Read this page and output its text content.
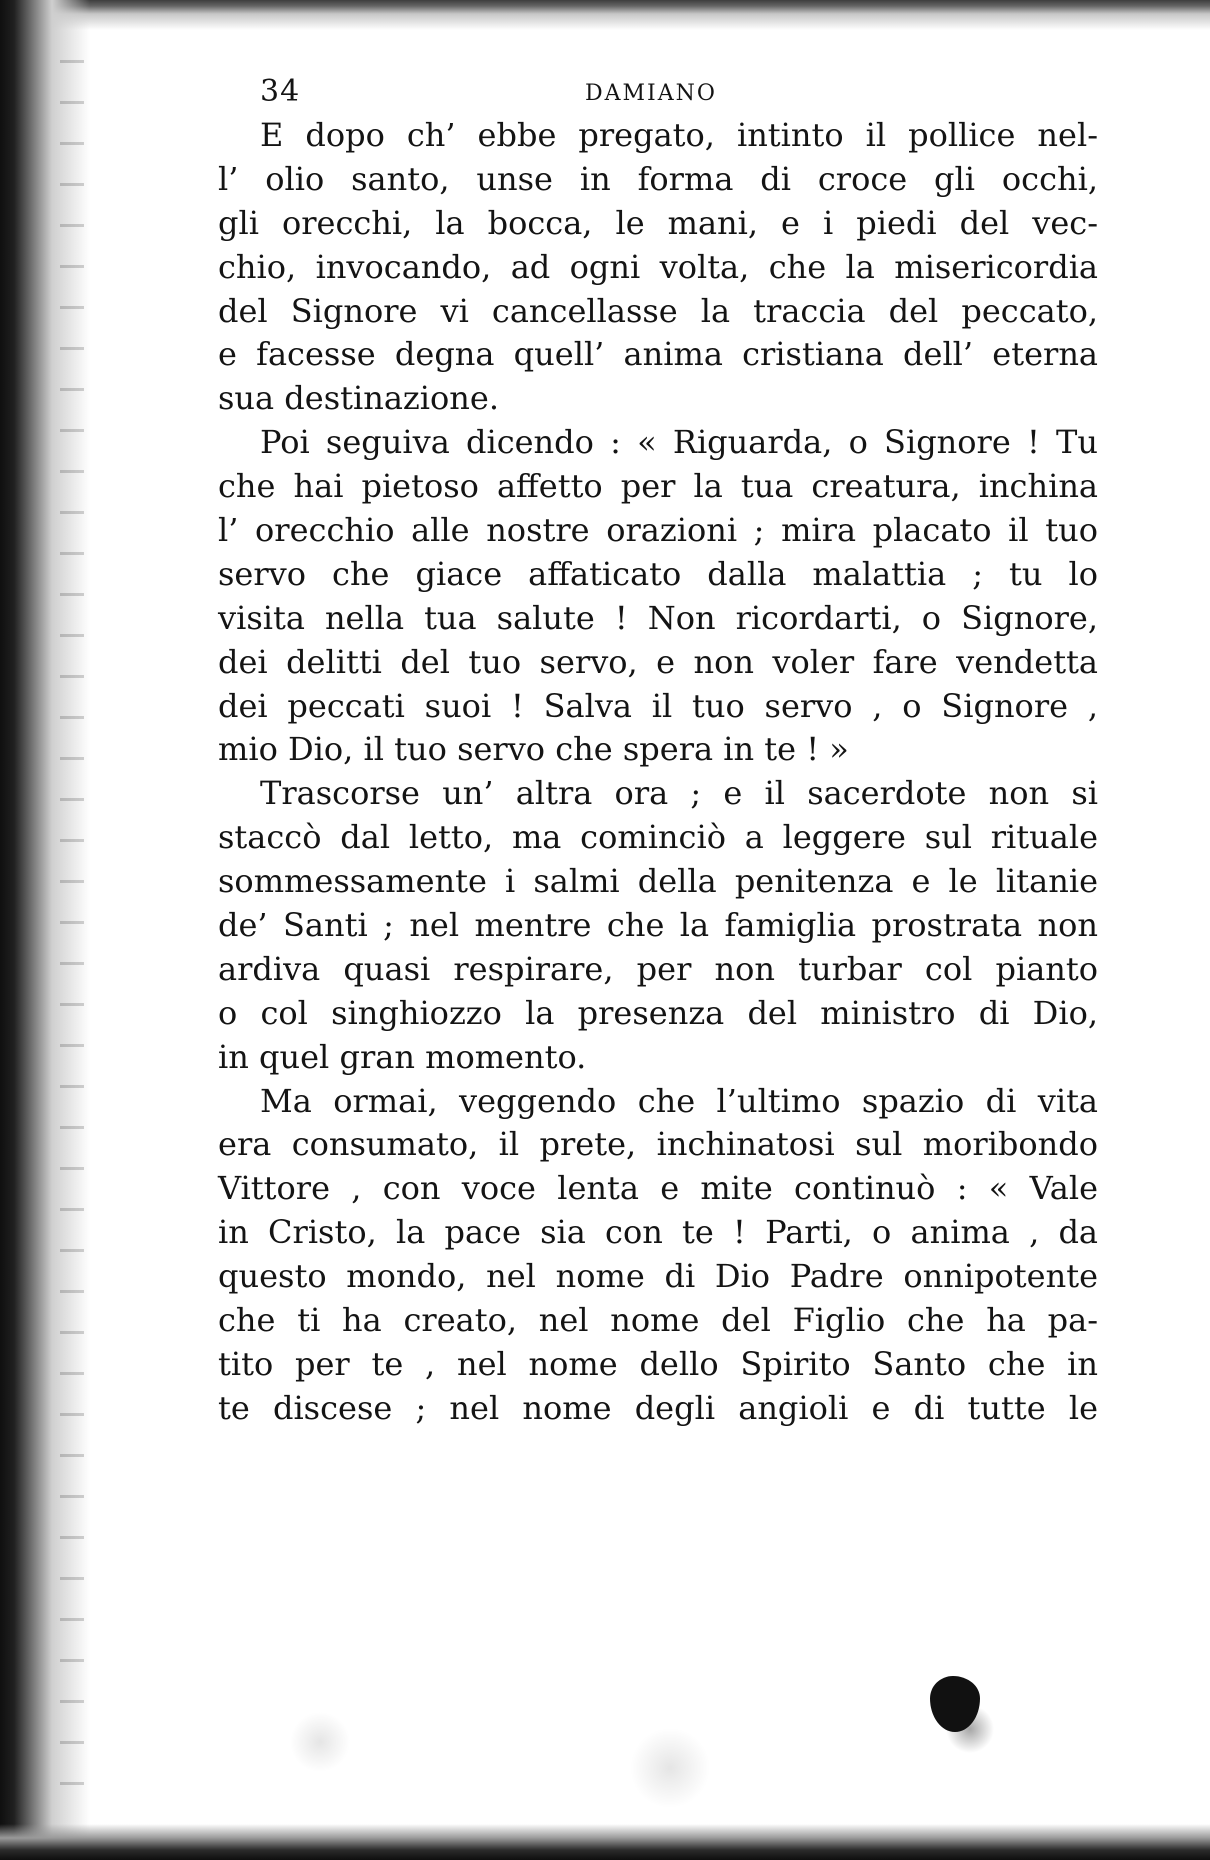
34	DAMIANO
E dopo ch’ ebbe pregato, intinto il pollice nel-
l’ olio santo, unse in forma di croce gli occhi,
gli orecchi, la bocca, le mani, e i piedi del vec-
chio, invocando, ad ogni volta, che la misericordia
del Signore vi cancellasse la traccia del peccato,
e facesse degna quell’ anima cristiana dell’ eterna
sua destinazione.
Poi seguiva dicendo : « Riguarda, o Signore ! Tu
che hai pietoso affetto per la tua creatura, inchina
l’ orecchio alle nostre orazioni ; mira placato il tuo
servo che giace affaticato dalla malattia ; tu lo
visita nella tua salute ! Non ricordarti, o Signore,
dei delitti del tuo servo, e non voler fare vendetta
dei peccati suoi ! Salva il tuo servo , o Signore ,
mio Dio, il tuo servo che spera in te ! »
Trascorse un’ altra ora ; e il sacerdote non si
staccò dal letto, ma cominciò a leggere sul rituale
sommessamente i salmi della penitenza e le litanie
de’ Santi ; nel mentre che la famiglia prostrata non
ardiva quasi respirare, per non turbar col pianto
o col singhiozzo la presenza del ministro di Dio,
in quel gran momento.
Ma ormai, veggendo che l’ultimo spazio di vita
era consumato, il prete, inchinatosi sul moribondo
Vittore , con voce lenta e mite continuò : « Vale
in Cristo, la pace sia con te ! Parti, o anima , da
questo mondo, nel nome di Dio Padre onnipotente
che ti ha creato, nel nome del Figlio che ha pa-
tito per te , nel nome dello Spirito Santo che in
te discese ; nel nome degli angioli e di tutte le
